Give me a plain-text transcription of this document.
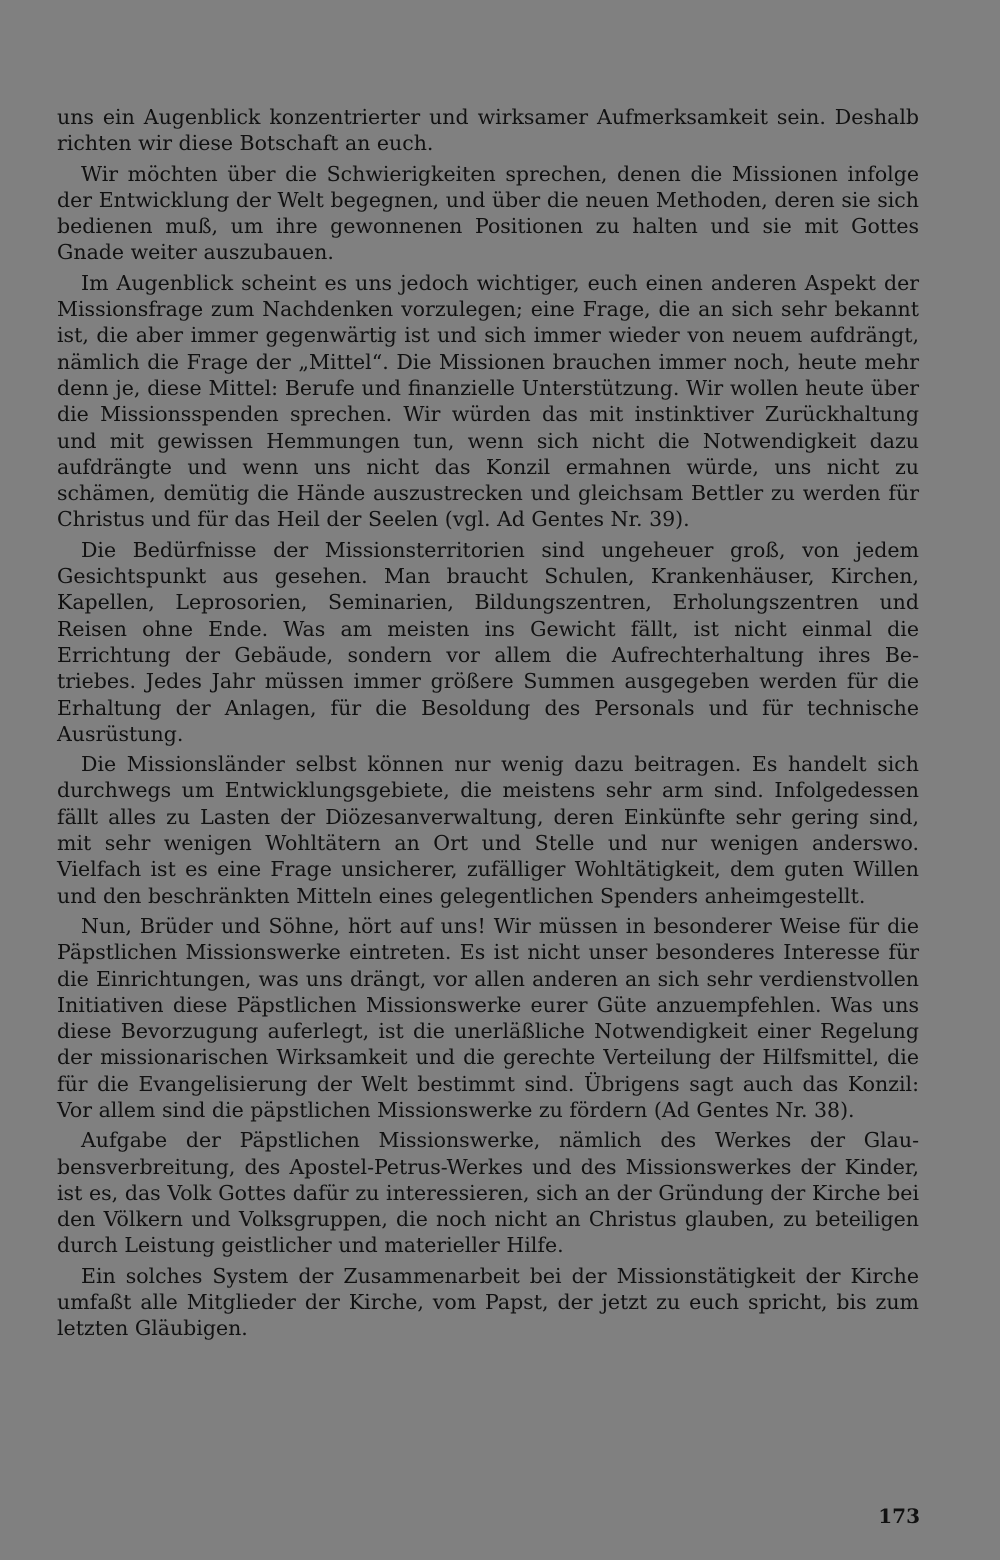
uns ein Augenblick konzentrierter und wirksamer Aufmerksamkeit sein. Deshalb richten wir diese Botschaft an euch.

Wir möchten über die Schwierigkeiten sprechen, denen die Missionen infolge der Entwicklung der Welt begegnen, und über die neuen Methoden, deren sie sich bedienen muß, um ihre gewonnenen Positionen zu halten und sie mit Gottes Gnade weiter auszubauen.

Im Augenblick scheint es uns jedoch wichtiger, euch einen anderen Aspekt der Missionsfrage zum Nachdenken vorzulegen; eine Frage, die an sich sehr bekannt ist, die aber immer gegenwärtig ist und sich immer wieder von neuem aufdrängt, nämlich die Frage der „Mittel“. Die Missionen brauchen immer noch, heute mehr denn je, diese Mittel: Berufe und finanzielle Unterstützung. Wir wollen heute über die Missionsspenden sprechen. Wir würden das mit instinktiver Zurückhaltung und mit gewissen Hemmungen tun, wenn sich nicht die Notwendigkeit dazu aufdrängte und wenn uns nicht das Konzil ermahnen würde, uns nicht zu schämen, demütig die Hände auszustrecken und gleichsam Bettler zu werden für Christus und für das Heil der Seelen (vgl. Ad Gentes Nr. 39).

Die Bedürfnisse der Missionsterritorien sind ungeheuer groß, von jedem Gesichtspunkt aus gesehen. Man braucht Schulen, Krankenhäuser, Kirchen, Kapellen, Leprosorien, Seminarien, Bildungszentren, Erholungszentren und Reisen ohne Ende. Was am meisten ins Gewicht fällt, ist nicht einmal die Errichtung der Gebäude, sondern vor allem die Aufrechterhaltung ihres Betriebes. Jedes Jahr müssen immer größere Summen ausgegeben werden für die Erhaltung der Anlagen, für die Besoldung des Personals und für technische Ausrüstung.

Die Missionsländer selbst können nur wenig dazu beitragen. Es handelt sich durchwegs um Entwicklungsgebiete, die meistens sehr arm sind. Infolgedessen fällt alles zu Lasten der Diözesanverwaltung, deren Einkünfte sehr gering sind, mit sehr wenigen Wohltätern an Ort und Stelle und nur wenigen anderswo. Vielfach ist es eine Frage unsicherer, zufälliger Wohltätigkeit, dem guten Willen und den beschränkten Mitteln eines gelegentlichen Spenders anheimgestellt.

Nun, Brüder und Söhne, hört auf uns! Wir müssen in besonderer Weise für die Päpstlichen Missionswerke eintreten. Es ist nicht unser besonderes Interesse für die Einrichtungen, was uns drängt, vor allen anderen an sich sehr verdienstvollen Initiativen diese Päpstlichen Missionswerke eurer Güte anzuempfehlen. Was uns diese Bevorzugung auferlegt, ist die unerläßliche Notwendigkeit einer Regelung der missionarischen Wirksamkeit und die gerechte Verteilung der Hilfsmittel, die für die Evangelisierung der Welt bestimmt sind. Übrigens sagt auch das Konzil: Vor allem sind die päpstlichen Missionswerke zu fördern (Ad Gentes Nr. 38).

Aufgabe der Päpstlichen Missionswerke, nämlich des Werkes der Glaubensverbreitung, des Apostel-Petrus-Werkes und des Missionswerkes der Kinder, ist es, das Volk Gottes dafür zu interessieren, sich an der Gründung der Kirche bei den Völkern und Volksgruppen, die noch nicht an Christus glauben, zu beteiligen durch Leistung geistlicher und materieller Hilfe.

Ein solches System der Zusammenarbeit bei der Missionstätigkeit der Kirche umfaßt alle Mitglieder der Kirche, vom Papst, der jetzt zu euch spricht, bis zum letzten Gläubigen.

173
